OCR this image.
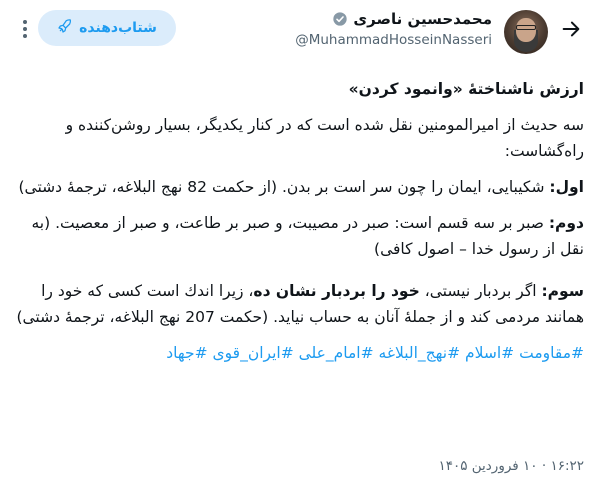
محمدحسین ناصری
@MuhammadHosseinNasseri
شتاب‌دهنده
ارزش ناشناختهٔ «وانمود کردن»
سه حدیث از امیرالمومنین نقل شده است که در کنار یکدیگر، بسیار روشن‌کننده و راه‌گشاست:
اول: شکیبایی، ایمان را چون سر است بر بدن. (از حکمت 82 نهج البلاغه، ترجمهٔ دشتی)
دوم: صبر بر سه قسم است: صبر در مصیبت، و صبر بر طاعت، و صبر از معصیت. (به نقل از رسول خدا – اصول کافی)
سوم: اگر بردبار نیستی، خود را بردبار نشان ده، زیرا اندك است کسی که خود را همانند مردمی کند و از جملهٔ آنان به حساب نیاید. (حکمت 207 نهج البلاغه، ترجمهٔ دشتی)
#مقاومت #اسلام #نهج_البلاغه #امام_علی #ایران_قوی #جهاد
۱۶:۲۲ · ۱۰ فروردین ۱۴۰۵
